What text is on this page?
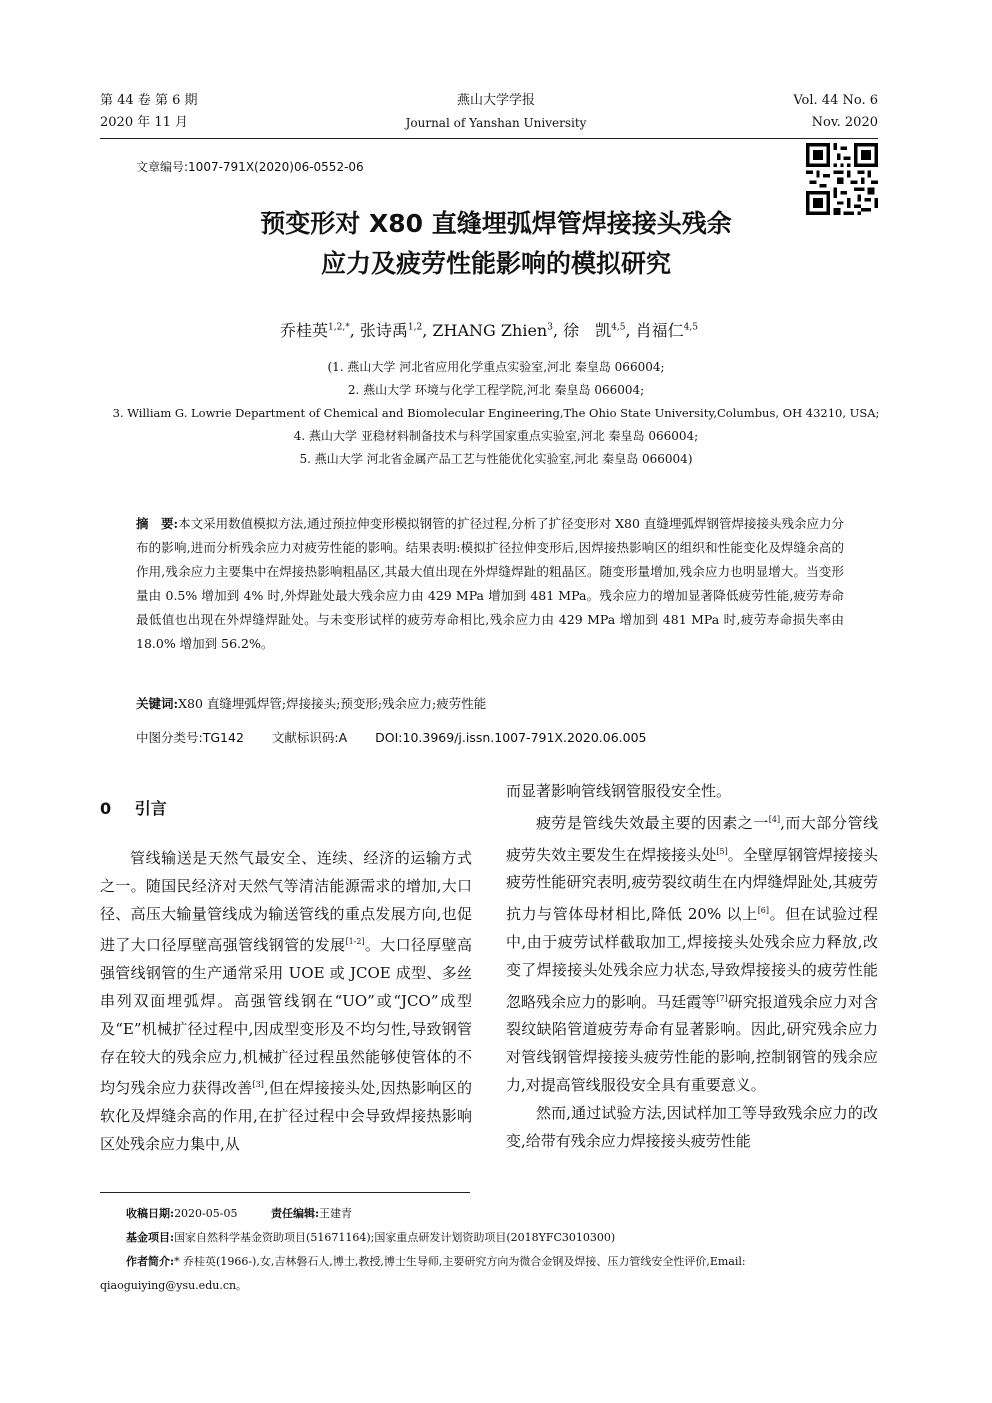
第 44 卷 第 6 期
2020 年 11 月
燕山大学学报
Journal of Yanshan University
Vol. 44 No. 6
Nov. 2020
文章编号:1007-791X(2020)06-0552-06
预变形对 X80 直缝埋弧焊管焊接接头残余
应力及疲劳性能影响的模拟研究
乔桂英$^{1,2,*}$, 张诗禹$^{1,2}$, ZHANG Zhien$^3$, 徐　凯$^{4,5}$, 肖福仁$^{4,5}$
(1. 燕山大学 河北省应用化学重点实验室,河北 秦皇岛 066004;
2. 燕山大学 环境与化学工程学院,河北 秦皇岛 066004;
3. William G. Lowrie Department of Chemical and Biomolecular Engineering,The Ohio State University,Columbus, OH 43210, USA;
4. 燕山大学 亚稳材料制备技术与科学国家重点实验室,河北 秦皇岛 066004;
5. 燕山大学 河北省金属产品工艺与性能优化实验室,河北 秦皇岛 066004)
摘　要:本文采用数值模拟方法,通过预拉伸变形模拟钢管的扩径过程,分析了扩径变形对 X80 直缝埋弧焊钢管焊接接头残余应力分布的影响,进而分析残余应力对疲劳性能的影响。结果表明:模拟扩径拉伸变形后,因焊接热影响区的组织和性能变化及焊缝余高的作用,残余应力主要集中在焊接热影响粗晶区,其最大值出现在外焊缝焊趾的粗晶区。随变形量增加,残余应力也明显增大。当变形量由 0.5% 增加到 4% 时,外焊趾处最大残余应力由 429 MPa 增加到 481 MPa。残余应力的增加显著降低疲劳性能,疲劳寿命最低值也出现在外焊缝焊趾处。与未变形试样的疲劳寿命相比,残余应力由 429 MPa 增加到 481 MPa 时,疲劳寿命损失率由 18.0% 增加到 56.2%。
关键词:X80 直缝埋弧焊管;焊接接头;预变形;残余应力;疲劳性能
中图分类号:TG142 文献标识码:A DOI:10.3969/j.issn.1007-791X.2020.06.005
0 引言

管线输送是天然气最安全、连续、经济的运输方式之一。随国民经济对天然气等清洁能源需求的增加,大口径、高压大输量管线成为输送管线的重点发展方向,也促进了大口径厚壁高强管线钢管的发展[1-2]。大口径厚壁高强管线钢管的生产通常采用 UOE 或 JCOE 成型、多丝串列双面埋弧焊。高强管线钢在“UO”或“JCO”成型及“E”机械扩径过程中,因成型变形及不均匀性,导致钢管存在较大的残余应力,机械扩径过程虽然能够使管体的不均匀残余应力获得改善[3],但在焊接接头处,因热影响区的软化及焊缝余高的作用,在扩径过程中会导致焊接热影响区处残余应力集中,从

而显著影响管线钢管服役安全性。

疲劳是管线失效最主要的因素之一[4],而大部分管线疲劳失效主要发生在焊接接头处[5]。全壁厚钢管焊接接头疲劳性能研究表明,疲劳裂纹萌生在内焊缝焊趾处,其疲劳抗力与管体母材相比,降低 20% 以上[6]。但在试验过程中,由于疲劳试样截取加工,焊接接头处残余应力释放,改变了焊接接头处残余应力状态,导致焊接接头的疲劳性能忽略残余应力的影响。马廷霞等[7]研究报道残余应力对含裂纹缺陷管道疲劳寿命有显著影响。因此,研究残余应力对管线钢管焊接接头疲劳性能的影响,控制钢管的残余应力,对提高管线服役安全具有重要意义。

然而,通过试验方法,因试样加工等导致残余应力的改变,给带有残余应力焊接接头疲劳性能

收稿日期:2020-05-05	责任编辑:王建青
基金项目:国家自然科学基金资助项目(51671164);国家重点研发计划资助项目(2018YFC3010300)
作者简介:* 乔桂英(1966-),女,吉林磐石人,博士,教授,博士生导师,主要研究方向为微合金钢及焊接、压力管线安全性评价,Email:
qiaoguiying@ysu.edu.cn。
